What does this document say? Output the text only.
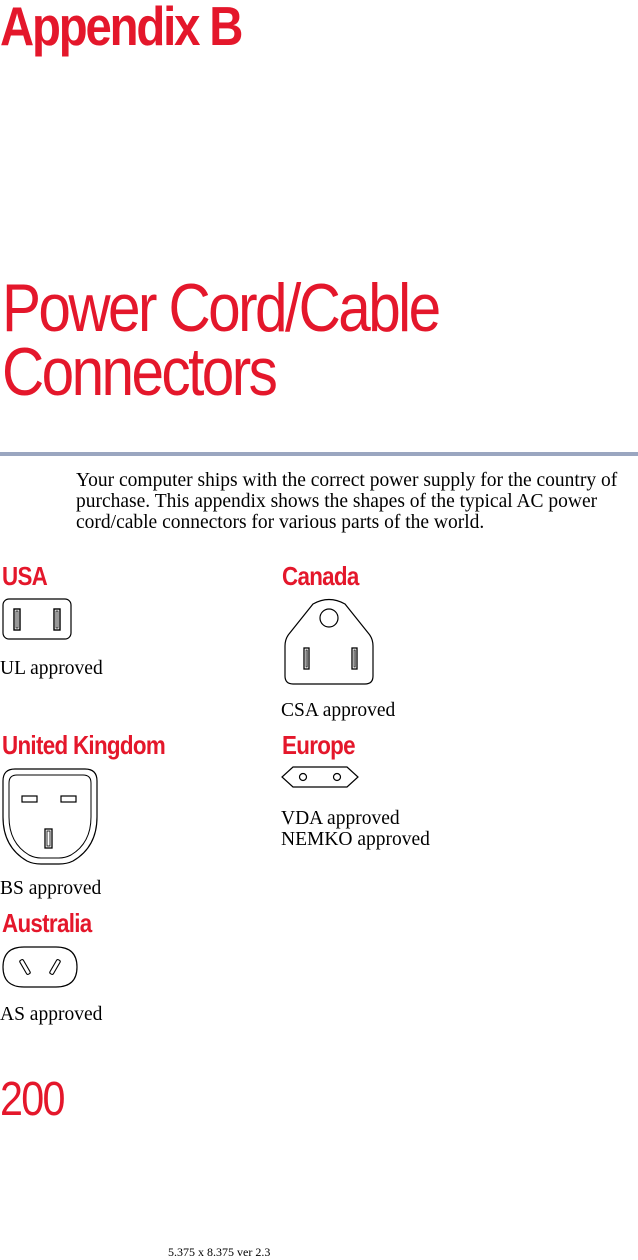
Appendix B
Power Cord/Cable
Connectors
Your computer ships with the correct power supply for the country of purchase. This appendix shows the shapes of the typical AC power cord/cable connectors for various parts of the world.
USA
UL approved
Canada
CSA approved
United Kingdom
BS approved
Europe
VDA approved
NEMKO approved
Australia
AS approved
200
5.375 x 8.375 ver 2.3
